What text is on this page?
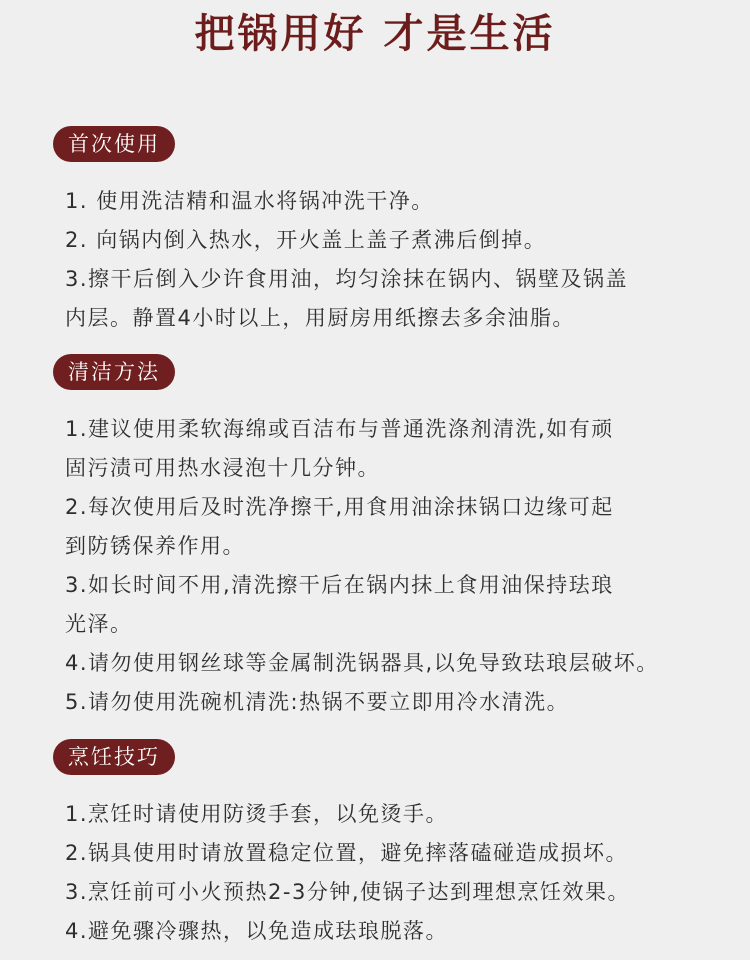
把锅用好 才是生活
首次使用
1. 使用洗洁精和温水将锅冲洗干净。
2. 向锅内倒入热水，开火盖上盖子煮沸后倒掉。
3.擦干后倒入少许食用油，均匀涂抹在锅内、锅壁及锅盖
内层。静置4小时以上，用厨房用纸擦去多余油脂。
清洁方法
1.建议使用柔软海绵或百洁布与普通洗涤剂清洗,如有顽
固污渍可用热水浸泡十几分钟。
2.每次使用后及时洗净擦干,用食用油涂抹锅口边缘可起
到防锈保养作用。
3.如长时间不用,清洗擦干后在锅内抹上食用油保持珐琅
光泽。
4.请勿使用钢丝球等金属制洗锅器具,以免导致珐琅层破坏。
5.请勿使用洗碗机清洗:热锅不要立即用冷水清洗。
烹饪技巧
1.烹饪时请使用防烫手套，以免烫手。
2.锅具使用时请放置稳定位置，避免摔落磕碰造成损坏。
3.烹饪前可小火预热2-3分钟,使锅子达到理想烹饪效果。
4.避免骤冷骤热，以免造成珐琅脱落。
